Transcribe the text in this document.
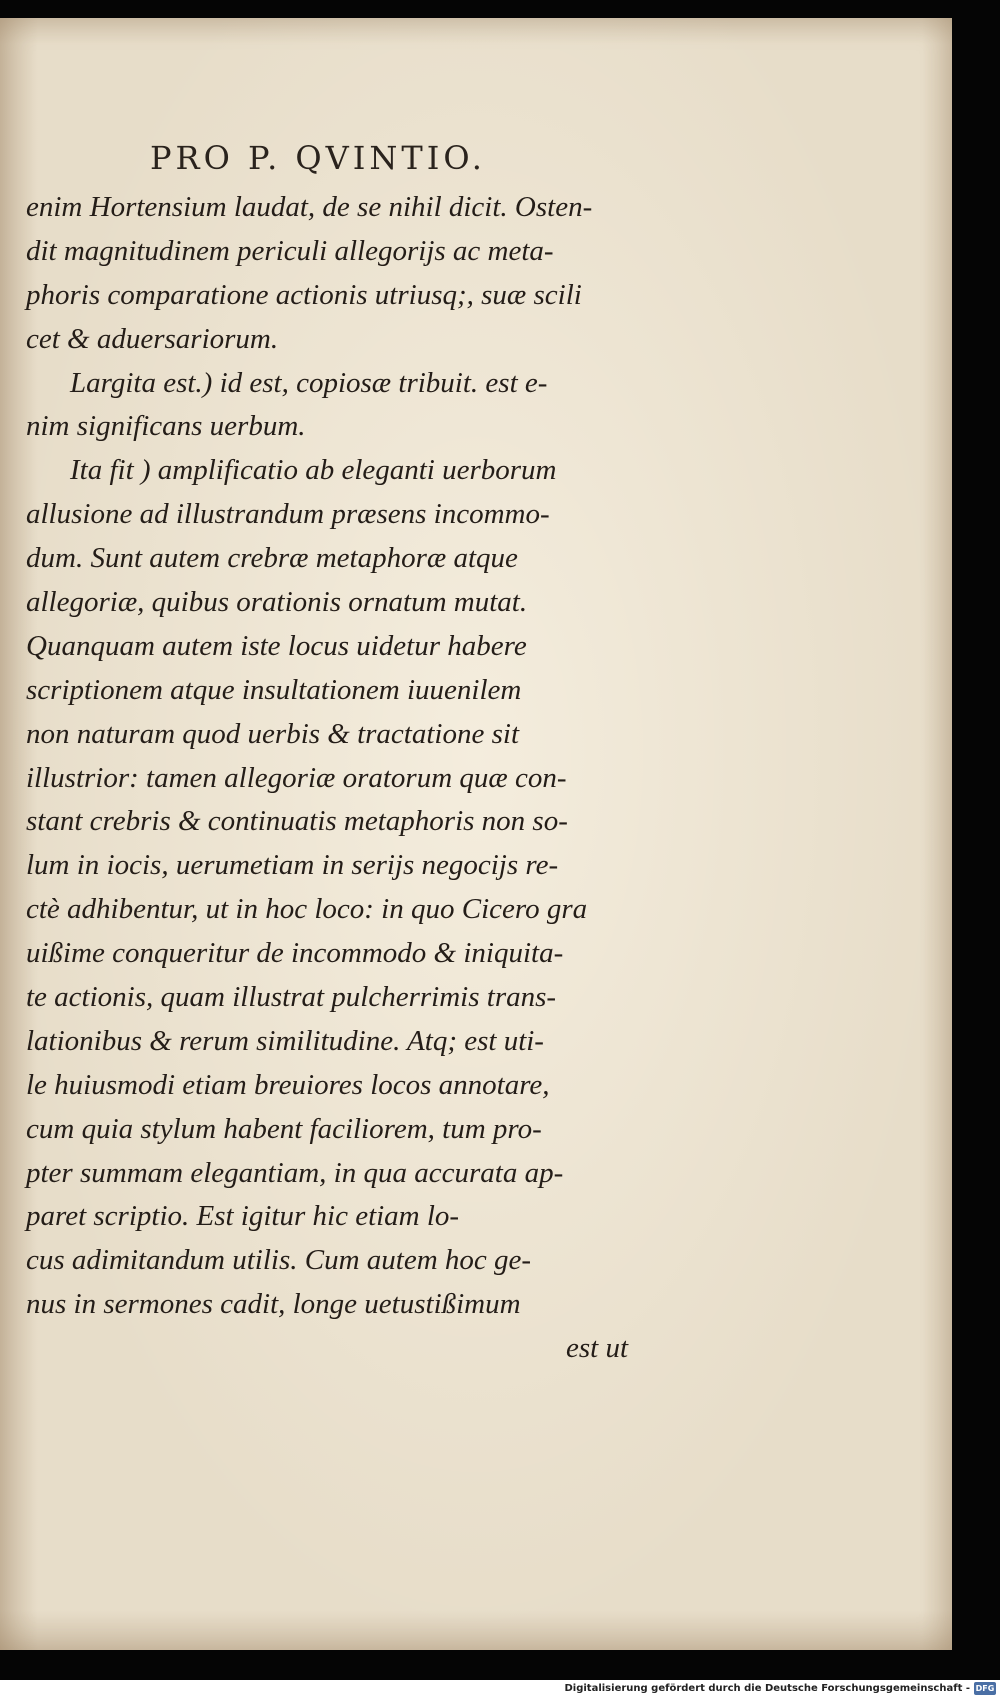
PRO P. QVINTIO.
enim Hortensium laudat, de se nihil dicit. Osten-
dit magnitudinem periculi allegorijs ac meta-
phoris comparatione actionis utriusq;, suæ scili
cet & aduersariorum.
Largita est.) id est, copiosæ tribuit. est e-
nim significans uerbum.
Ita fit ) amplificatio ab eleganti uerborum
allusione ad illustrandum præsens incommo-
dum. Sunt autem crebræ metaphoræ atque
allegoriæ, quibus orationis ornatum mutat.
Quanquam autem iste locus uidetur habere
scriptionem atque insultationem iuuenilem
non naturam quod uerbis & tractatione sit
illustrior: tamen allegoriæ oratorum quæ con-
stant crebris & continuatis metaphoris non so-
lum in iocis, uerumetiam in serijs negocijs re-
ctè adhibentur, ut in hoc loco: in quo Cicero gra
uißime conqueritur de incommodo & iniquita-
te actionis, quam illustrat pulcherrimis trans-
lationibus & rerum similitudine. Atq; est uti-
le huiusmodi etiam breuiores locos annotare,
cum quia stylum habent faciliorem, tum pro-
pter summam elegantiam, in qua accurata ap-
paret scriptio. Est igitur hic etiam lo-
cus adimitandum utilis. Cum autem hoc ge-
nus in sermones cadit, longe uetustißimum
est ut
Digitalisierung gefördert durch die Deutsche Forschungsgemeinschaft - DFG
